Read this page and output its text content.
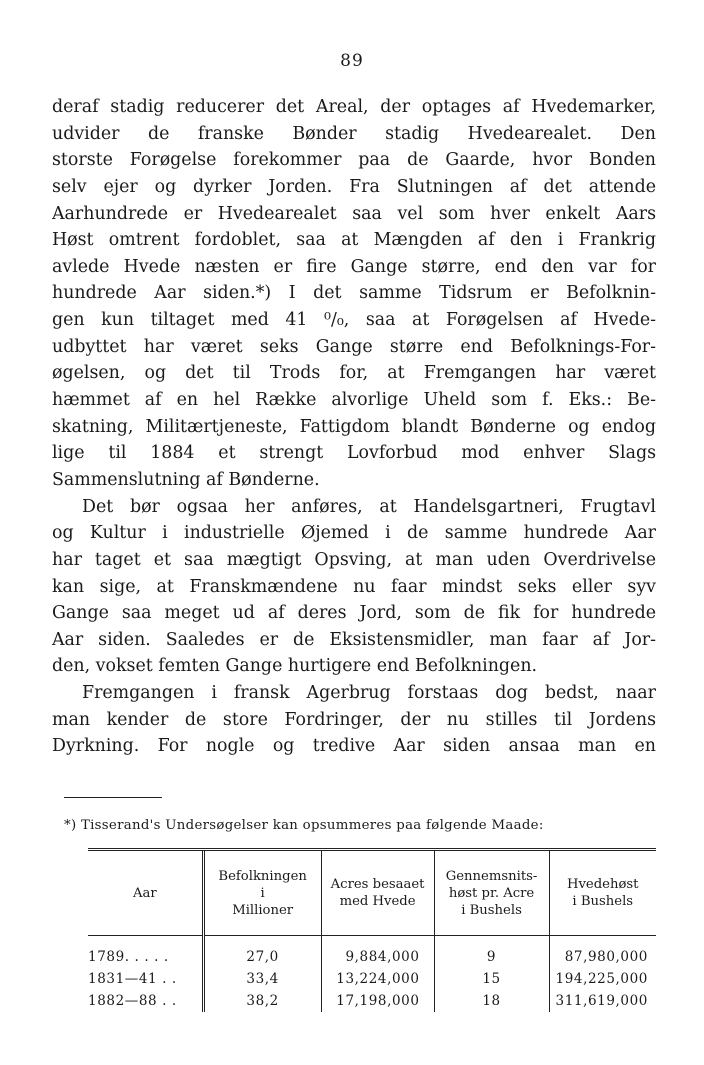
89
deraf stadig reducerer det Areal, der optages af Hvedemarker,
udvider de franske Bønder stadig Hvedearealet. Den
storste Forøgelse forekommer paa de Gaarde, hvor Bonden
selv ejer og dyrker Jorden. Fra Slutningen af det attende
Aarhundrede er Hvedearealet saa vel som hver enkelt Aars
Høst omtrent fordoblet, saa at Mængden af den i Frankrig
avlede Hvede næsten er fire Gange større, end den var for
hundrede Aar siden.*) I det samme Tidsrum er Befolknin-
gen kun tiltaget med 41 ⁰/₀, saa at Forøgelsen af Hvede-
udbyttet har været seks Gange større end Befolknings-For-
øgelsen, og det til Trods for, at Fremgangen har været
hæmmet af en hel Række alvorlige Uheld som f. Eks.: Be-
skatning, Militærtjeneste, Fattigdom blandt Bønderne og endog
lige til 1884 et strengt Lovforbud mod enhver Slags
Sammenslutning af Bønderne.
Det bør ogsaa her anføres, at Handelsgartneri, Frugtavl
og Kultur i industrielle Øjemed i de samme hundrede Aar
har taget et saa mægtigt Opsving, at man uden Overdrivelse
kan sige, at Franskmændene nu faar mindst seks eller syv
Gange saa meget ud af deres Jord, som de fik for hundrede
Aar siden. Saaledes er de Eksistensmidler, man faar af Jor-
den, vokset femten Gange hurtigere end Befolkningen.
Fremgangen i fransk Agerbrug forstaas dog bedst, naar
man kender de store Fordringer, der nu stilles til Jordens
Dyrkning. For nogle og tredive Aar siden ansaa man en
*) Tisserand's Undersøgelser kan opsummeres paa følgende Maade:
Aar	Befolkningen
i
Millioner	Acres besaaet
med Hvede	Gennemsnits-
høst pr. Acre
i Bushels	Hvedehøst
i Bushels
1789. . . . .	27,0	9,884,000	9	87,980,000
1831—41 . .	33,4	13,224,000	15	194,225,000
1882—88 . .	38,2	17,198,000	18	311,619,000
